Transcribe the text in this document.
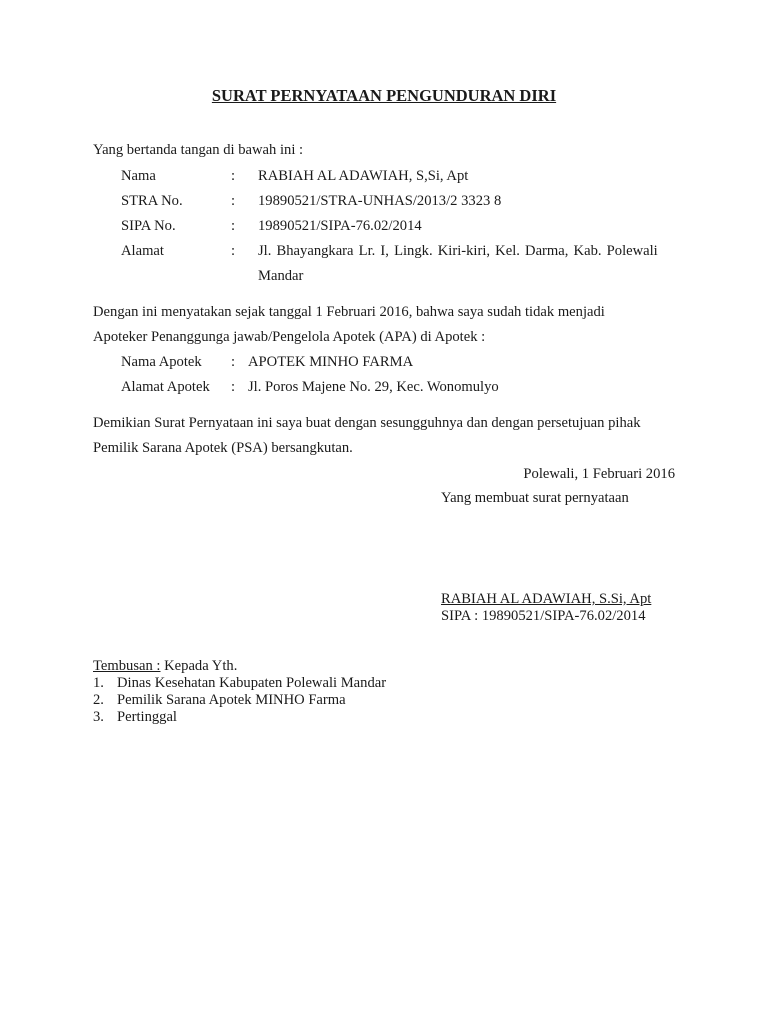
SURAT PERNYATAAN PENGUNDURAN DIRI
Yang bertanda tangan di bawah ini :
Nama	: RABIAH AL ADAWIAH, S,Si, Apt
STRA No.	: 19890521/STRA-UNHAS/2013/2 3323 8
SIPA No.	: 19890521/SIPA-76.02/2014
Alamat	: Jl. Bhayangkara Lr. I, Lingk. Kiri-kiri, Kel. Darma, Kab. Polewali
Mandar
Dengan ini menyatakan sejak tanggal 1 Februari 2016, bahwa saya sudah tidak menjadi
Apoteker Penanggunga jawab/Pengelola Apotek (APA) di Apotek :
Nama Apotek : APOTEK MINHO FARMA
Alamat Apotek : Jl. Poros Majene No. 29, Kec. Wonomulyo
Demikian Surat Pernyataan ini saya buat dengan sesungguhnya dan dengan persetujuan pihak
Pemilik Sarana Apotek (PSA) bersangkutan.
Polewali, 1 Februari 2016
Yang membuat surat pernyataan
RABIAH AL ADAWIAH, S.Si, Apt
SIPA : 19890521/SIPA-76.02/2014
Tembusan : Kepada Yth.
1. Dinas Kesehatan Kabupaten Polewali Mandar
2. Pemilik Sarana Apotek MINHO Farma
3. Pertinggal
